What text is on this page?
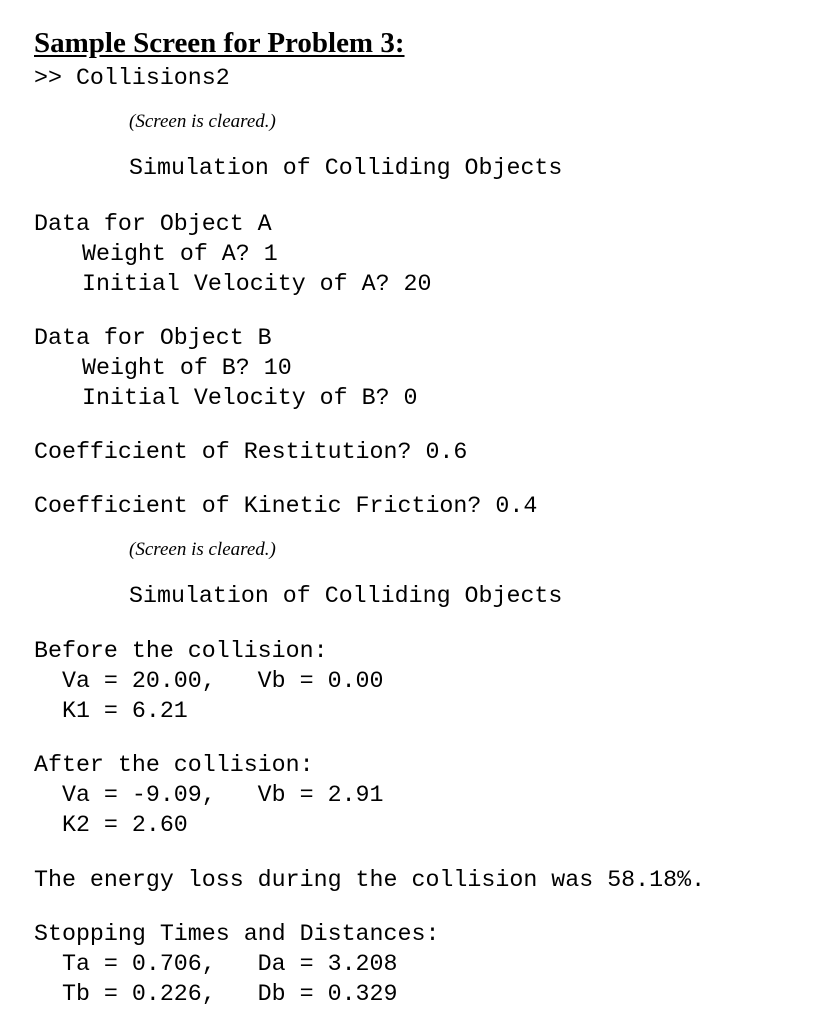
Sample Screen for Problem 3:
>> Collisions2
(Screen is cleared.)
Simulation of Colliding Objects
Data for Object A
Weight of A? 1
Initial Velocity of A? 20
Data for Object B
Weight of B? 10
Initial Velocity of B? 0
Coefficient of Restitution? 0.6
Coefficient of Kinetic Friction? 0.4
(Screen is cleared.)
Simulation of Colliding Objects
Before the collision:
Va = 20.00,   Vb = 0.00
K1 = 6.21
After the collision:
Va = -9.09,   Vb = 2.91
K2 = 2.60
The energy loss during the collision was 58.18%.
Stopping Times and Distances:
Ta = 0.706,   Da = 3.208
Tb = 0.226,   Db = 0.329
